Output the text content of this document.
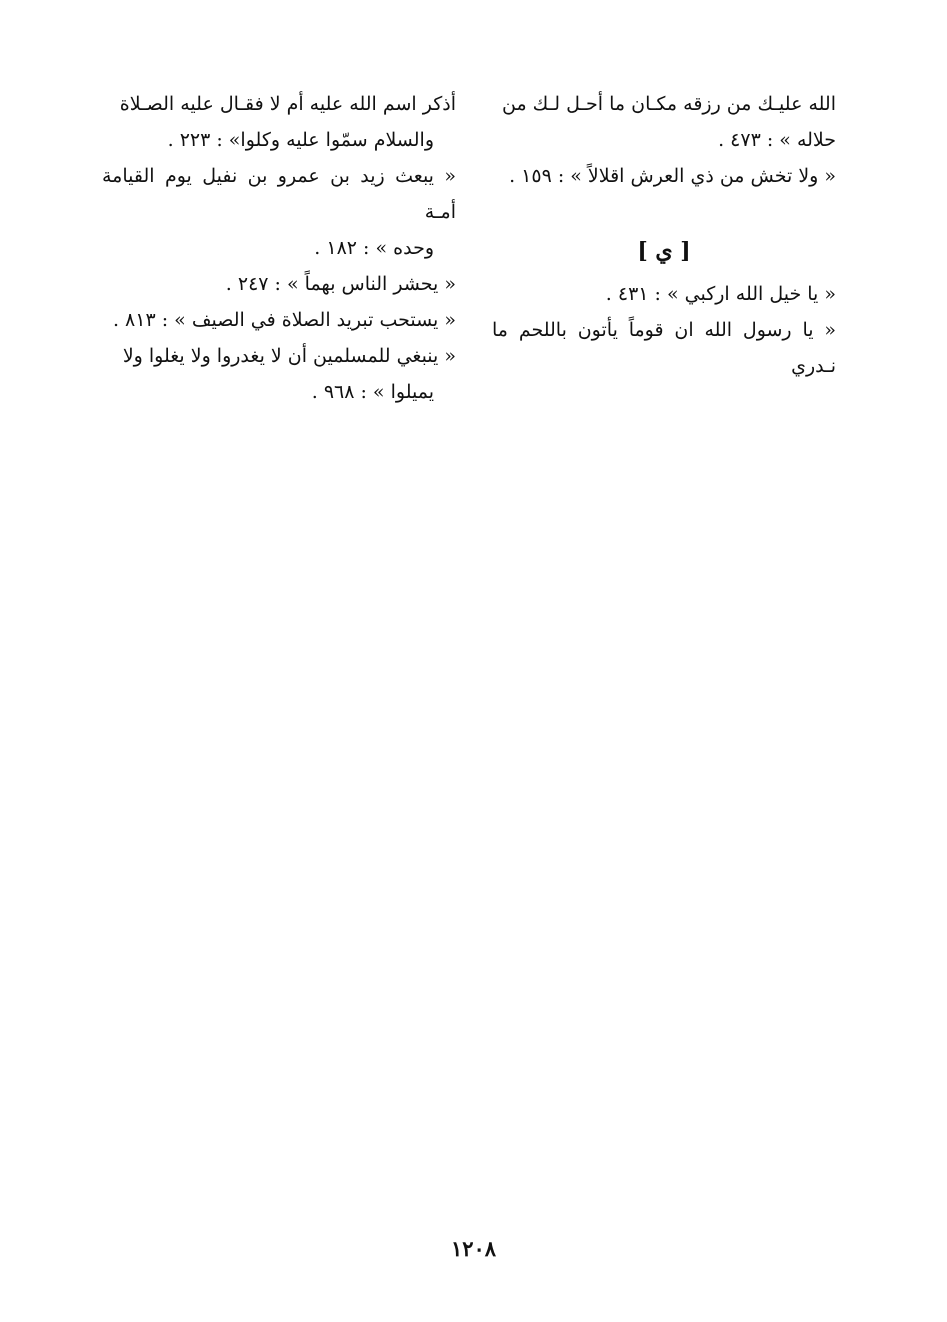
الله عليـك من رزقه مكـان ما أحـل لـك من

حلاله » : ٤٧٣ .

« ولا تخش من ذي العرش اقلالاً » : ١٥٩ .

[ ي ]

« يا خيل الله اركبي » : ٤٣١ .

« يا رسول الله ان قوماً يأتون باللحم ما نـدري

أذكر اسم الله عليه أم لا فقـال عليه الصـلاة

والسلام سمّوا عليه وكلوا» : ٢٢٣ .

« يبعث زيد بن عمرو بن نفيل يوم القيامة أمـة

وحده » : ١٨٢ .

« يحشر الناس بهماً » : ٢٤٧ .

« يستحب تبريد الصلاة في الصيف » : ٨١٣ .

« ينبغي للمسلمين أن لا يغدروا ولا يغلوا ولا

يميلوا » : ٩٦٨ .

١٢٠٨
